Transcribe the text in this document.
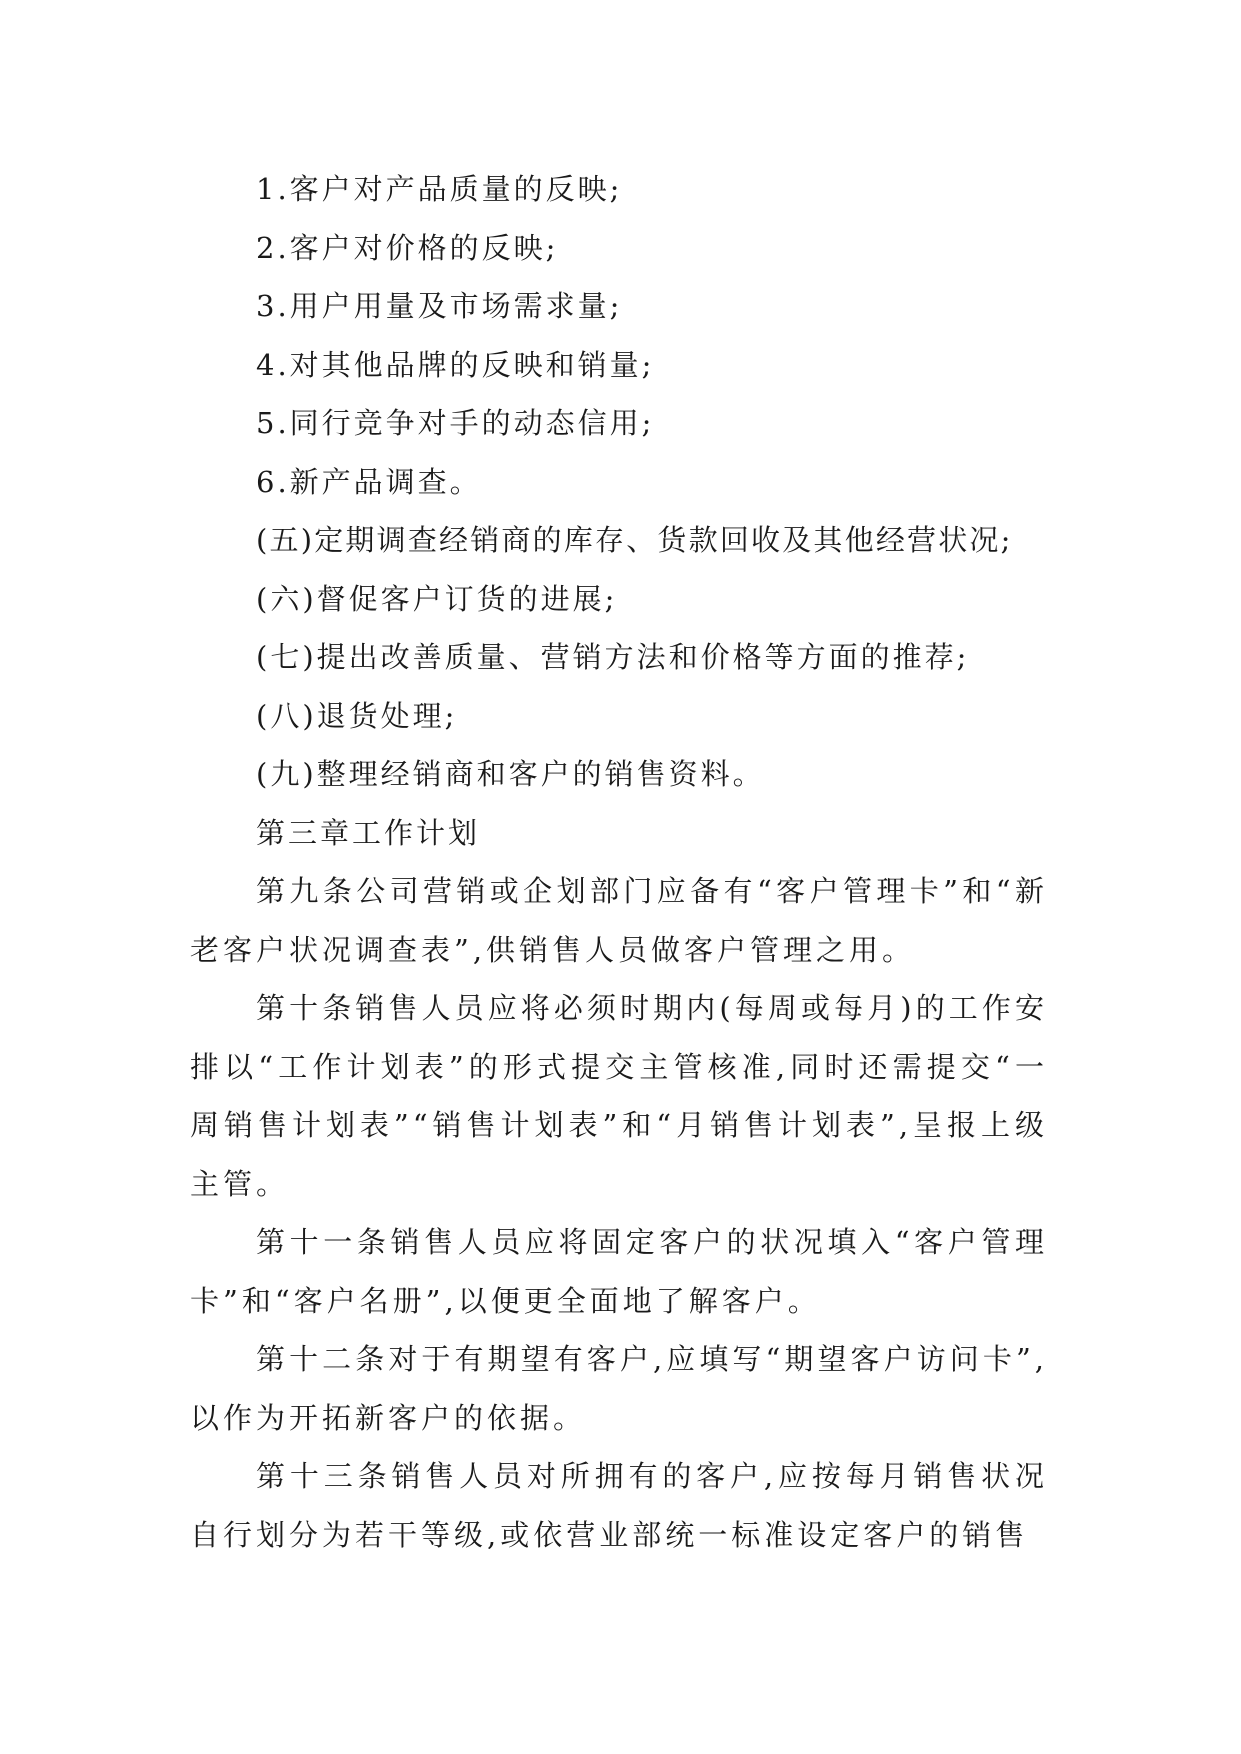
1.客户对产品质量的反映;
2.客户对价格的反映;
3.用户用量及市场需求量;
4.对其他品牌的反映和销量;
5.同行竞争对手的动态信用;
6.新产品调查。
(五)定期调查经销商的库存、货款回收及其他经营状况;
(六)督促客户订货的进展;
(七)提出改善质量、营销方法和价格等方面的推荐;
(八)退货处理;
(九)整理经销商和客户的销售资料。
第三章工作计划
第九条公司营销或企划部门应备有“客户管理卡”和“新老客户状况调查表”,供销售人员做客户管理之用。
第十条销售人员应将必须时期内(每周或每月)的工作安排以“工作计划表”的形式提交主管核准,同时还需提交“一周销售计划表”“销售计划表”和“月销售计划表”,呈报上级主管。
第十一条销售人员应将固定客户的状况填入“客户管理卡”和“客户名册”,以便更全面地了解客户。
第十二条对于有期望有客户,应填写“期望客户访问卡”,以作为开拓新客户的依据。
第十三条销售人员对所拥有的客户,应按每月销售状况自行划分为若干等级,或依营业部统一标准设定客户的销售
